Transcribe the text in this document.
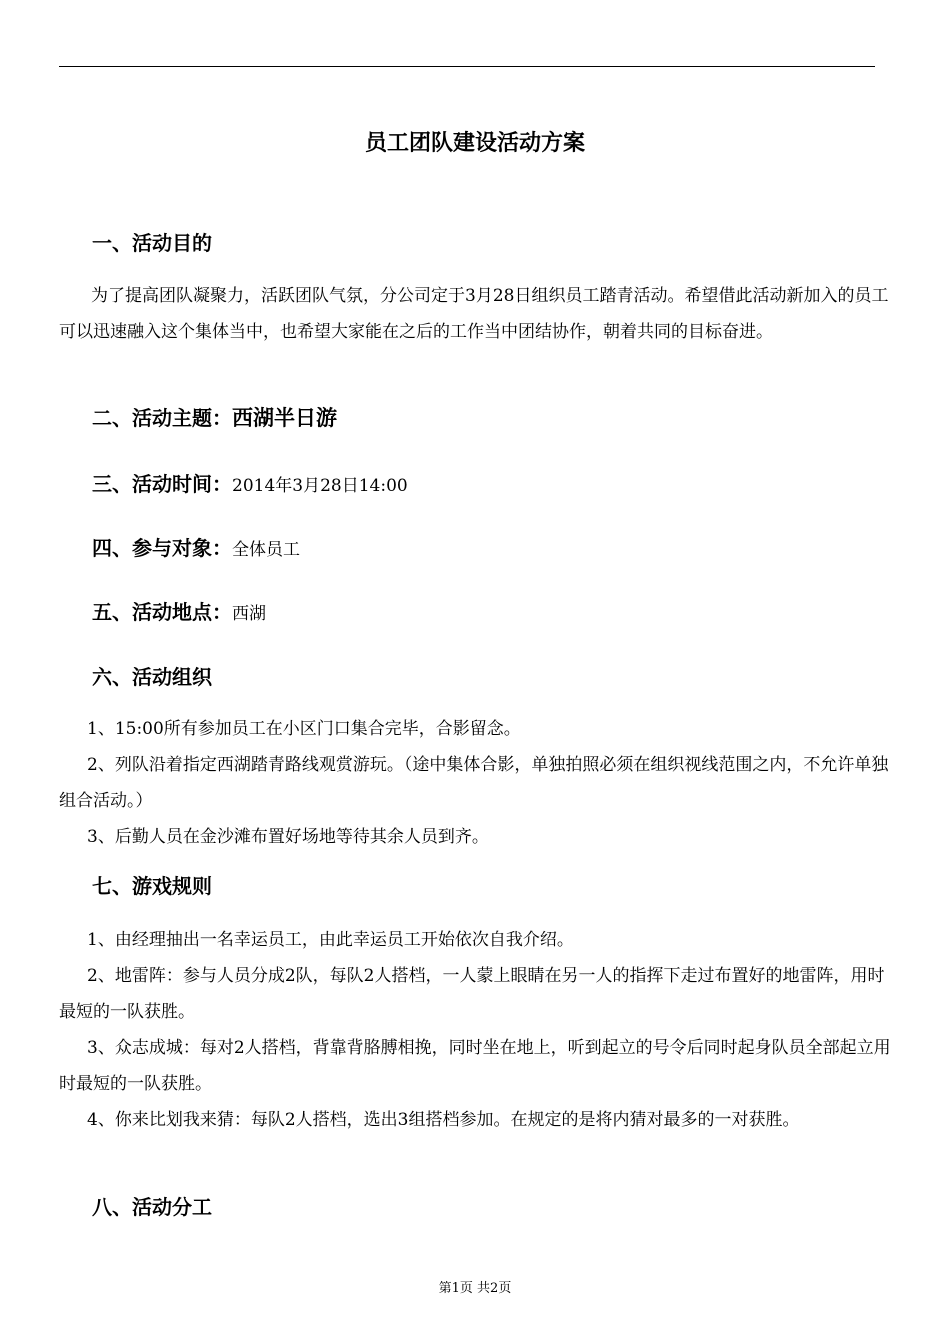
员工团队建设活动方案
一、活动目的
为了提高团队凝聚力，活跃团队气氛，分公司定于3月28日组织员工踏青活动。希望借此活动新加入的员工可以迅速融入这个集体当中，也希望大家能在之后的工作当中团结协作，朝着共同的目标奋进。
二、活动主题：西湖半日游
三、活动时间：2014年3月28日14:00
四、参与对象：全体员工
五、活动地点：西湖
六、活动组织
1、15:00所有参加员工在小区门口集合完毕，合影留念。
2、列队沿着指定西湖踏青路线观赏游玩。（途中集体合影，单独拍照必须在组织视线范围之内，不允许单独组合活动。）
3、后勤人员在金沙滩布置好场地等待其余人员到齐。
七、游戏规则
1、由经理抽出一名幸运员工，由此幸运员工开始依次自我介绍。
2、地雷阵：参与人员分成2队，每队2人搭档，一人蒙上眼睛在另一人的指挥下走过布置好的地雷阵，用时最短的一队获胜。
3、众志成城：每对2人搭档，背靠背胳膊相挽，同时坐在地上，听到起立的号令后同时起身队员全部起立用时最短的一队获胜。
4、你来比划我来猜：每队2人搭档，选出3组搭档参加。在规定的是将内猜对最多的一对获胜。
八、活动分工
第1页 共2页
